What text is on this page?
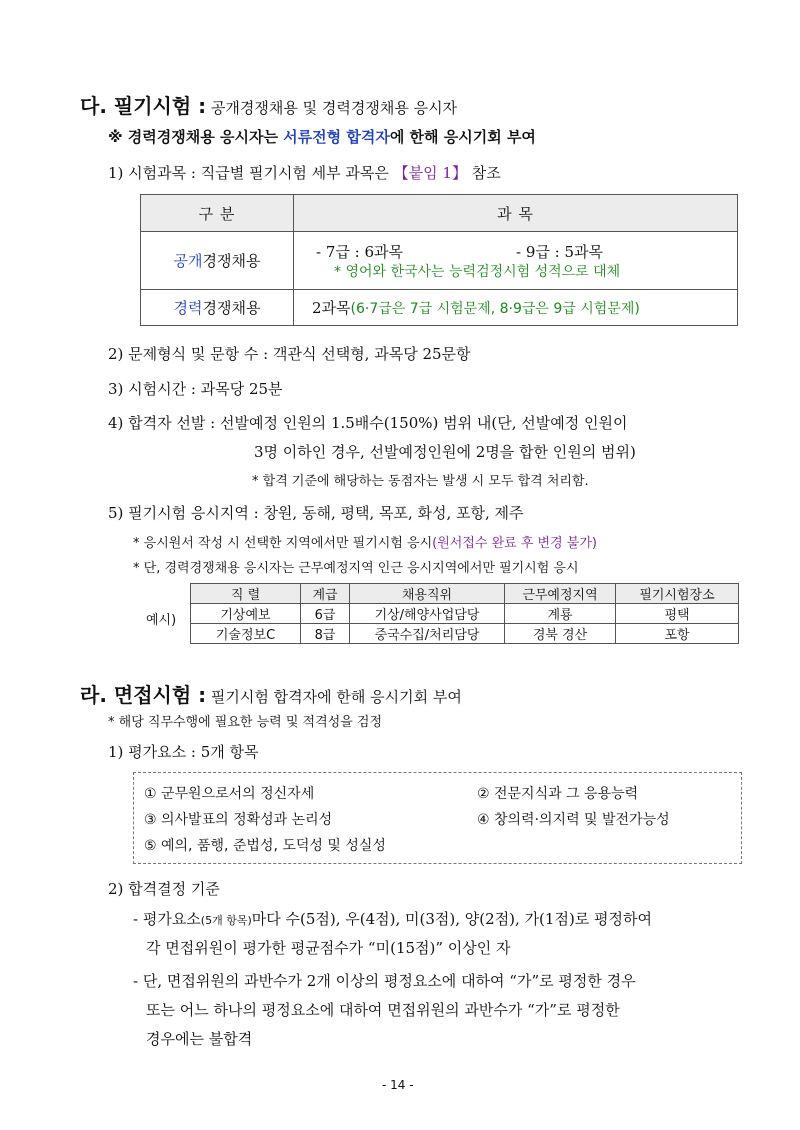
다. 필기시험 : 공개경쟁채용 및 경력경쟁채용 응시자
※ 경력경쟁채용 응시자는 서류전형 합격자에 한해 응시기회 부여
1) 시험과목 : 직급별 필기시험 세부 과목은 【붙임 1】 참조
구 분	과 목
공개경쟁채용	- 7급 : 6과목 - 9급 : 5과목
* 영어와 한국사는 능력검정시험 성적으로 대체

경력경쟁채용	2과목(6·7급은 7급 시험문제, 8·9급은 9급 시험문제)
2) 문제형식 및 문항 수 : 객관식 선택형, 과목당 25문항
3) 시험시간 : 과목당 25분
4) 합격자 선발 : 선발예정 인원의 1.5배수(150%) 범위 내(단, 선발예정 인원이
3명 이하인 경우, 선발예정인원에 2명을 합한 인원의 범위)
* 합격 기준에 해당하는 동점자는 발생 시 모두 합격 처리함.
5) 필기시험 응시지역 : 창원, 동해, 평택, 목포, 화성, 포항, 제주
* 응시원서 작성 시 선택한 지역에서만 필기시험 응시(원서접수 완료 후 변경 불가)
* 단, 경력경쟁채용 응시자는 근무예정지역 인근 응시지역에서만 필기시험 응시
예시)
직 렬	계급	채용직위	근무예정지역	필기시험장소
기상예보	6급	기상/해양사업담당	계룡	평택
기술정보C	8급	중국수집/처리담당	경북 경산	포항
라. 면접시험 : 필기시험 합격자에 한해 응시기회 부여
* 해당 직무수행에 필요한 능력 및 적격성을 검정
1) 평가요소 : 5개 항목
① 군무원으로서의 정신자세	② 전문지식과 그 응용능력
③ 의사발표의 정확성과 논리성	④ 창의력·의지력 및 발전가능성
⑤ 예의, 품행, 준법성, 도덕성 및 성실성
2) 합격결정 기준
- 평가요소(5개 항목)마다 수(5점), 우(4점), 미(3점), 양(2점), 가(1점)로 평정하여
각 면접위원이 평가한 평균점수가 “미(15점)” 이상인 자
- 단, 면접위원의 과반수가 2개 이상의 평정요소에 대하여 “가”로 평정한 경우
또는 어느 하나의 평정요소에 대하여 면접위원의 과반수가 “가”로 평정한
경우에는 불합격
- 14 -
